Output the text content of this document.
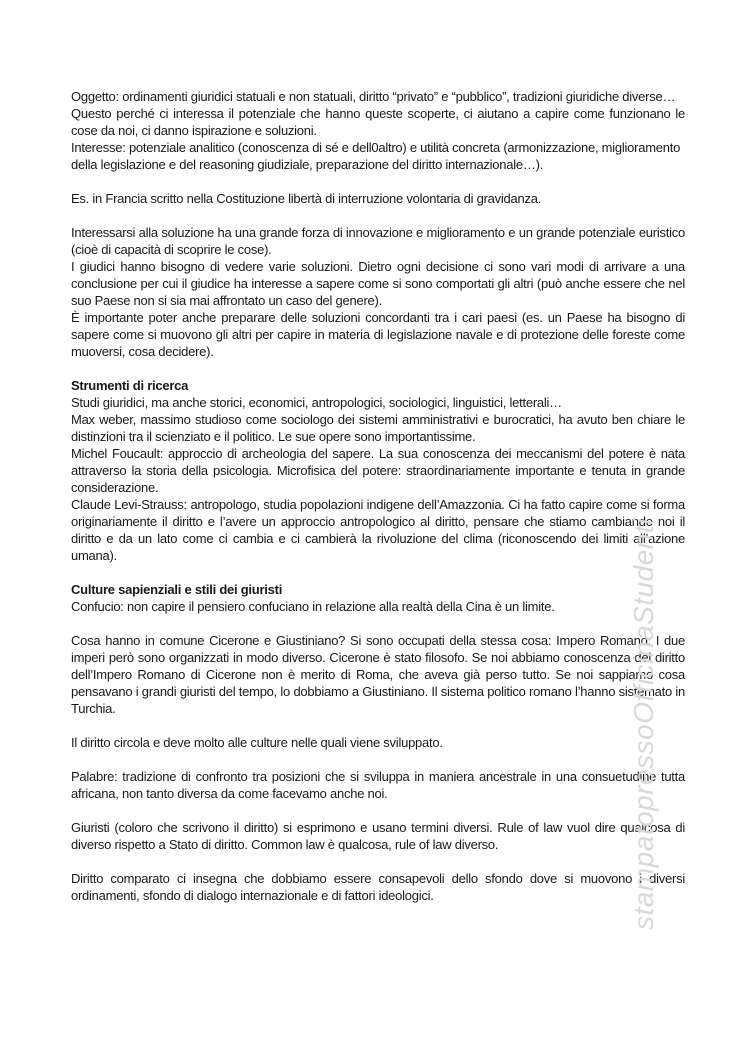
Oggetto: ordinamenti giuridici statuali e non statuali, diritto “privato” e “pubblico”, tradizioni giuridiche diverse…

Questo perché ci interessa il potenziale che hanno queste scoperte, ci aiutano a capire come funzionano le cose da noi, ci danno ispirazione e soluzioni.

Interesse: potenziale analitico (conoscenza di sé e dell0altro) e utilità concreta (armonizzazione, miglioramento della legislazione e del reasoning giudiziale, preparazione del diritto internazionale…).

Es. in Francia scritto nella Costituzione libertà di interruzione volontaria di gravidanza.

Interessarsi alla soluzione ha una grande forza di innovazione e miglioramento e un grande potenziale euristico (cioè di capacità di scoprire le cose).

I giudici hanno bisogno di vedere varie soluzioni. Dietro ogni decisione ci sono vari modi di arrivare a una conclusione per cui il giudice ha interesse a sapere come si sono comportati gli altri (può anche essere che nel suo Paese non si sia mai affrontato un caso del genere).

È importante poter anche preparare delle soluzioni concordanti tra i cari paesi (es. un Paese ha bisogno di sapere come si muovono gli altri per capire in materia di legislazione navale e di protezione delle foreste come muoversi, cosa decidere).

Strumenti di ricerca

Studi giuridici, ma anche storici, economici, antropologici, sociologici, linguistici, letterali…

Max weber, massimo studioso come sociologo dei sistemi amministrativi e burocratici, ha avuto ben chiare le distinzioni tra il scienziato e il politico. Le sue opere sono importantissime.

Michel Foucault: approccio di archeologia del sapere. La sua conoscenza dei meccanismi del potere è nata attraverso la storia della psicologia. Microfisica del potere: straordinariamente importante e tenuta in grande considerazione.

Claude Levi-Strauss: antropologo, studia popolazioni indigene dell’Amazzonia. Ci ha fatto capire come si forma originariamente il diritto e l’avere un approccio antropologico al diritto, pensare che stiamo cambiando noi il diritto e da un lato come ci cambia e ci cambierà la rivoluzione del clima (riconoscendo dei limiti all’azione umana).

Culture sapienziali e stili dei giuristi

Confucio: non capire il pensiero confuciano in relazione alla realtà della Cina è un limite.

Cosa hanno in comune Cicerone e Giustiniano? Si sono occupati della stessa cosa: Impero Romano. I due imperi però sono organizzati in modo diverso. Cicerone è stato filosofo. Se noi abbiamo conoscenza del diritto dell’Impero Romano di Cicerone non è merito di Roma, che aveva già perso tutto. Se noi sappiamo cosa pensavano i grandi giuristi del tempo, lo dobbiamo a Giustiniano. Il sistema politico romano l’hanno sistemato in Turchia.

Il diritto circola e deve molto alle culture nelle quali viene sviluppato.

Palabre: tradizione di confronto tra posizioni che si sviluppa in maniera ancestrale in una consuetudine tutta africana, non tanto diversa da come facevamo anche noi.

Giuristi (coloro che scrivono il diritto) si esprimono e usano termini diversi. Rule of law vuol dire qualcosa di diverso rispetto a Stato di diritto. Common law è qualcosa, rule of law diverso.

Diritto comparato ci insegna che dobbiamo essere consapevoli dello sfondo dove si muovono i diversi ordinamenti, sfondo di dialogo internazionale e di fattori ideologici.	stampatopressoOfficinaStudenti
